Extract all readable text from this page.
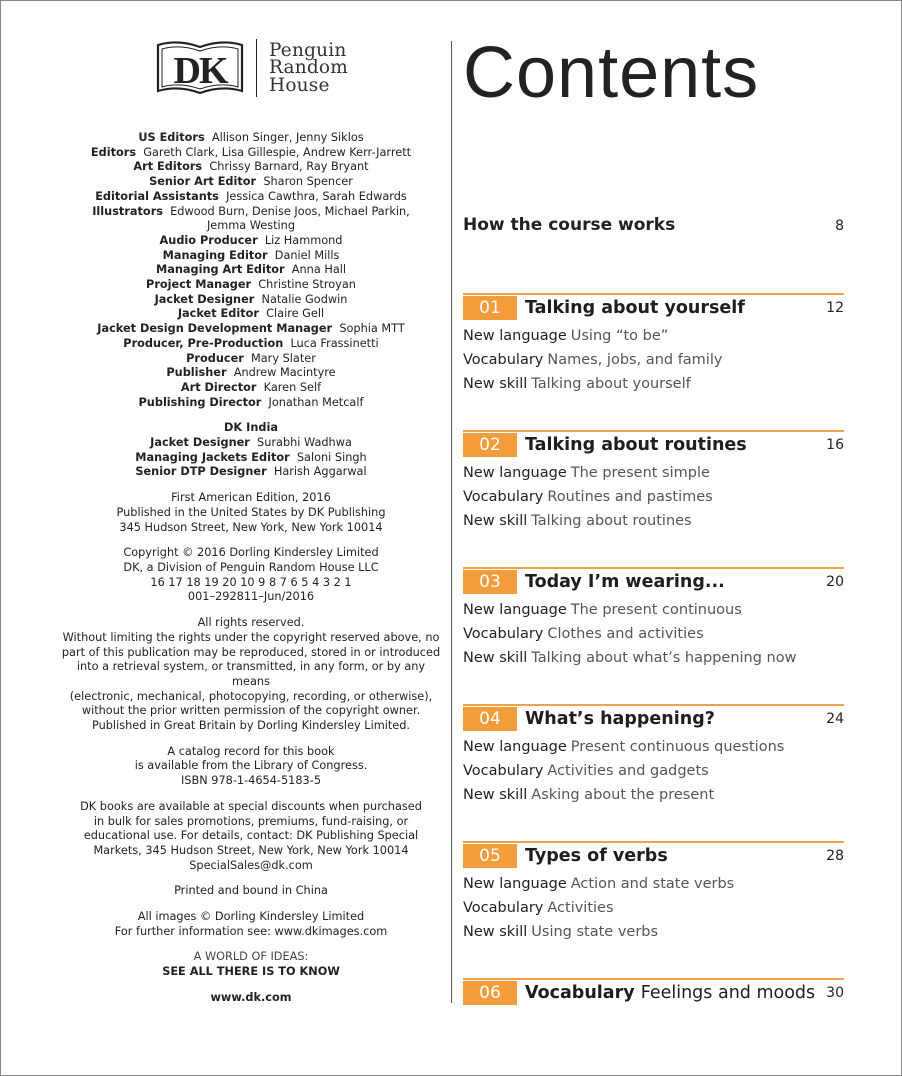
DK Penguin
Random
House
US Editors Allison Singer, Jenny Siklos
Editors Gareth Clark, Lisa Gillespie, Andrew Kerr-Jarrett
Art Editors Chrissy Barnard, Ray Bryant
Senior Art Editor Sharon Spencer
Editorial Assistants Jessica Cawthra, Sarah Edwards
Illustrators Edwood Burn, Denise Joos, Michael Parkin,
Jemma Westing
Audio Producer Liz Hammond
Managing Editor Daniel Mills
Managing Art Editor Anna Hall
Project Manager Christine Stroyan
Jacket Designer Natalie Godwin
Jacket Editor Claire Gell
Jacket Design Development Manager Sophia MTT
Producer, Pre-Production Luca Frassinetti
Producer Mary Slater
Publisher Andrew Macintyre
Art Director Karen Self
Publishing Director Jonathan Metcalf
DK India
Jacket Designer Surabhi Wadhwa
Managing Jackets Editor Saloni Singh
Senior DTP Designer Harish Aggarwal
First American Edition, 2016
Published in the United States by DK Publishing
345 Hudson Street, New York, New York 10014
Copyright © 2016 Dorling Kindersley Limited
DK, a Division of Penguin Random House LLC
16 17 18 19 20 10 9 8 7 6 5 4 3 2 1
001–292811–Jun/2016
All rights reserved.
Without limiting the rights under the copyright reserved above, no
part of this publication may be reproduced, stored in or introduced
into a retrieval system, or transmitted, in any form, or by any means
(electronic, mechanical, photocopying, recording, or otherwise),
without the prior written permission of the copyright owner.
Published in Great Britain by Dorling Kindersley Limited.
A catalog record for this book
is available from the Library of Congress.
ISBN 978-1-4654-5183-5
DK books are available at special discounts when purchased
in bulk for sales promotions, premiums, fund-raising, or
educational use. For details, contact: DK Publishing Special
Markets, 345 Hudson Street, New York, New York 10014
SpecialSales@dk.com
Printed and bound in China
All images © Dorling Kindersley Limited
For further information see: www.dkimages.com
A WORLD OF IDEAS:
SEE ALL THERE IS TO KNOW
www.dk.com
Contents
How the course works	8
01	Talking about yourself	12
New language Using “to be”
Vocabulary Names, jobs, and family
New skill Talking about yourself
02	Talking about routines	16
New language The present simple
Vocabulary Routines and pastimes
New skill Talking about routines
03	Today I’m wearing...	20
New language The present continuous
Vocabulary Clothes and activities
New skill Talking about what’s happening now
04	What’s happening?	24
New language Present continuous questions
Vocabulary Activities and gadgets
New skill Asking about the present
05	Types of verbs	28
New language Action and state verbs
Vocabulary Activities
New skill Using state verbs
06	Vocabulary Feelings and moods 30
